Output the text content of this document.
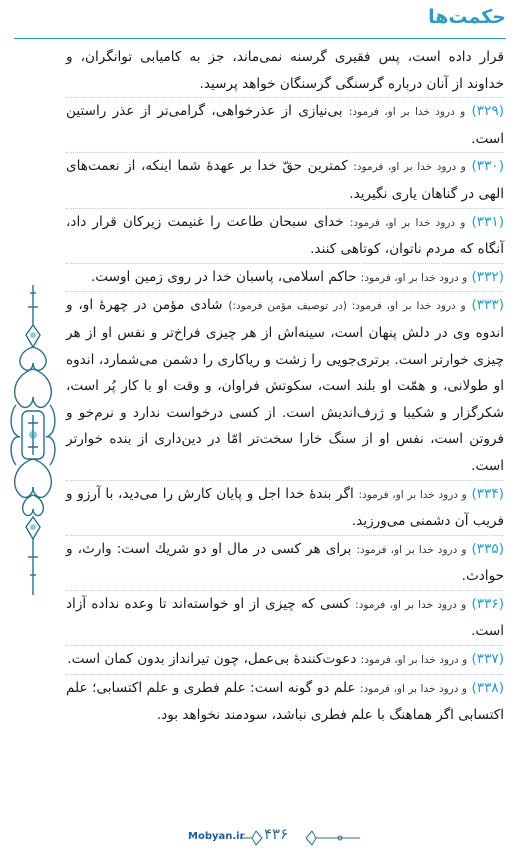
حکمت‌ها

قرار داده است، پس فقیری گرسنه نمی‌ماند، جز به کامیابی توانگران، و خداوند از آنان درباره گرسنگی گرسنگان خواهد پرسید.

(۳۲۹) و درود خدا بر او، فرمود: بی‌نیازی از عذرخواهی، گرامی‌تر از عذر راستین است.

(۳۳۰) و درود خدا بر او، فرمود: کمترین حقّ خدا بر عهدهٔ شما اینکه، از نعمت‌های الهی در گناهان یاری نگیرید.

(۳۳۱) و درود خدا بر او، فرمود: خدای سبحان طاعت را غنیمت زیرکان قرار داد، آنگاه که مردم ناتوان، کوتاهی کنند.

(۳۳۲) و درود خدا بر او، فرمود: حاکم اسلامی، پاسبان خدا در روی زمین اوست.

(۳۳۳) و درود خدا بر او، فرمود: (در توصیف مؤمن فرمود:) شادی مؤمن در چهرهٔ او، و اندوه وی در دلش پنهان است، سینه‌اش از هر چیزی فراخ‌تر و نفس او از هر چیزی خوارتر است. برتری‌جویی را زشت و ریاکاری را دشمن می‌شمارد، اندوه او طولانی، و همّت او بلند است، سکوتش فراوان، و وقت او با کار پُر است، شکرگزار و شکیبا و ژرف‌اندیش است. از کسی درخواست ندارد و نرم‌خو و فروتن است، نفس او از سنگ خارا سخت‌تر امّا در دین‌داری از بنده خوارتر است.

(۳۳۴) و درود خدا بر او، فرمود: اگر بندهٔ خدا اجل و پایان کارش را می‌دید، با آرزو و فریب آن دشمنی می‌ورزید.

(۳۳۵) و درود خدا بر او، فرمود: برای هر کسی در مال او دو شریك است: وارث، و حوادث.

(۳۳۶) و درود خدا بر او، فرمود: کسی که چیزی از او خواسته‌اند تا وعده نداده آزاد است.

(۳۳۷) و درود خدا بر او، فرمود: دعوت‌کنندهٔ بی‌عمل، چون تیرانداز بدون کمان است.

(۳۳۸) و درود خدا بر او، فرمود: علم دو گونه است: علم فطری و علم اکتسابی؛ علم اکتسابی اگر هماهنگ با علم فطری نباشد، سودمند نخواهد بود.

Mobyan.ir ۴۳۶
